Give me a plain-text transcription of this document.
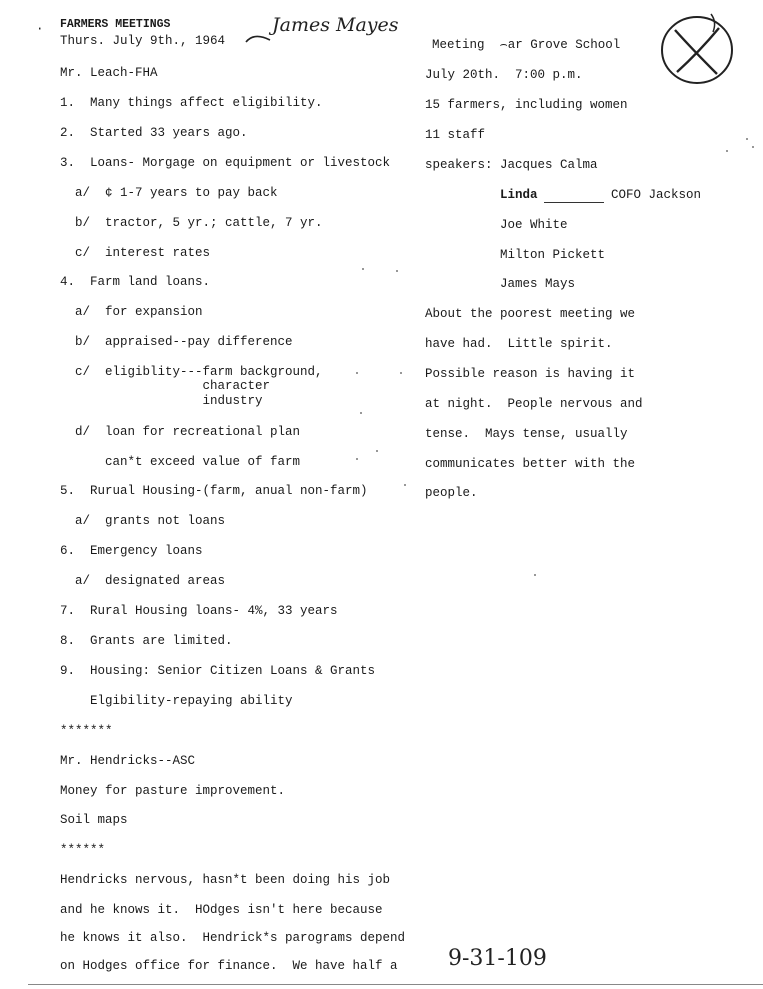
· FARMERS MEETINGS
Thurs. July 9th., 1964
James Mayes
Mr. Leach-FHA
1.  Many things affect eligibility.
2.  Started 33 years ago.
3.  Loans- Morgage on equipment or livestock
a/  ¢ 1-7 years to pay back
b/  tractor, 5 yr.; cattle, 7 yr.
c/  interest rates
4.  Farm land loans.
a/  for expansion
b/  appraised--pay difference
c/  eligiblity---farm background,
character
industry
d/  loan for recreational plan
can*t exceed value of farm
5.  Rurual Housing-(farm, anual non-farm)
a/  grants not loans
6.  Emergency loans
a/  designated areas
7.  Rural Housing loans- 4%, 33 years
8.  Grants are limited.
9.  Housing: Senior Citizen Loans & Grants
Elgibility-repaying ability
*******
Mr. Hendricks--ASC
Money for pasture improvement.
Soil maps
******
Hendricks nervous, hasn*t been doing his job
and he knows it.  HOdges isn't here because
he knows it also.  Hendrick*s parograms depend
on Hodges office for finance.  We have half a
Meeting  ⌢ar Grove School
July 20th.  7:00 p.m.
15 farmers, including women
11 staff
speakers: Jacques Calma
Linda	COFO Jackson
Joe White
Milton Pickett
James Mays
About the poorest meeting we
have had.  Little spirit.
Possible reason is having it
at night.  People nervous and
tense.  Mays tense, usually
communicates better with the
people.
9-31-109
